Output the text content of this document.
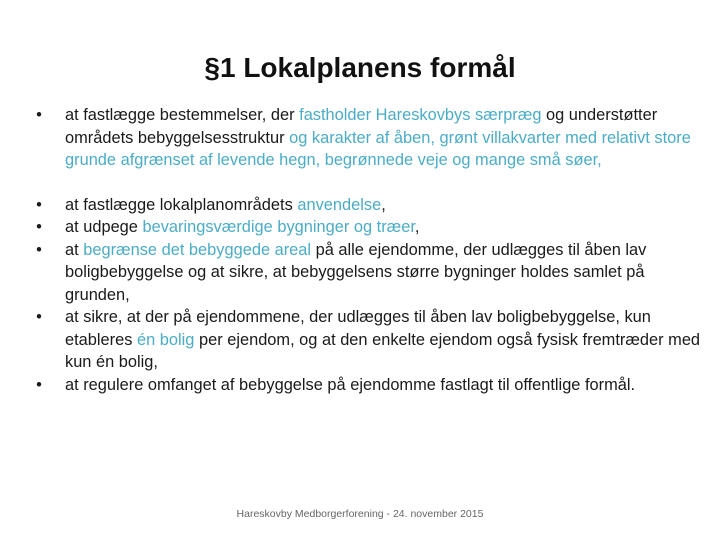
§1 Lokalplanens formål
• at fastlægge bestemmelser, der fastholder Hareskovbys særpræg og understøtter områdets bebyggelsesstruktur og karakter af åben, grønt villakvarter med relativt store grunde afgrænset af levende hegn, begrønnede veje og mange små søer,
• at fastlægge lokalplanområdets anvendelse,
• at udpege bevaringsværdige bygninger og træer,
• at begrænse det bebyggede areal på alle ejendomme, der udlægges til åben lav boligbebyggelse og at sikre, at bebyggelsens større bygninger holdes samlet på grunden,
• at sikre, at der på ejendommene, der udlægges til åben lav boligbebyggelse, kun etableres én bolig per ejendom, og at den enkelte ejendom også fysisk fremtræder med kun én bolig,
• at regulere omfanget af bebyggelse på ejendomme fastlagt til offentlige formål.
Hareskovby Medborgerforening - 24. november 2015
